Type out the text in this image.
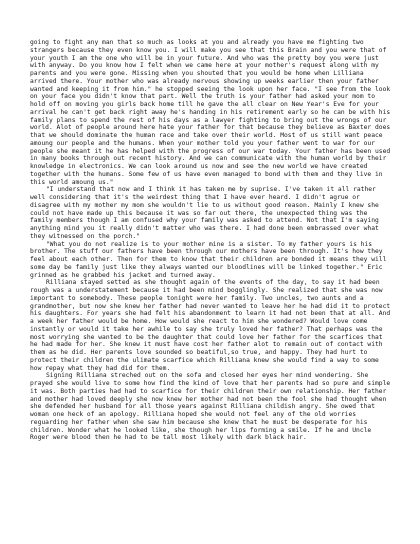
going to fight any man that so much as looks at you and already you have me fighting two strangers because they even know you. I will make you see that this Brain and you were that of your youth I am the one who will be in your future. And who was the pretty boy you were just with anyway. Do you know how I felt when we came here at your mother's request along with my parents and you were gone. Missing when you shouted that you would be home when Lilliana arrived there. Your mother who was already nervous showing up weeks earlier then your father wanted and keeping it from him." he stopped seeing the look upon her face. "I see from the look on your face you didn't know that part. Well the truth is your father had asked your mom to hold off on moving you girls back home till he gave the all clear on New Year's Eve for your arrival he can't get back right away he's handing in his retirement early so he can be with his family plans to spend the rest of his days as a lawyer fighting to bring out the wrongs of our world. Alot of people around here hate your father for that because they believe as Baxter does that we should dominate the human race and take over their world. Most of us still want peace amoung our people and the humans. When your mother told you your father went to war for our people she meant it he has helped with the progress of our war today. Your father has been used in many books through out recent history. And we can communicate with the human world by their knowledge in electronics. We can look around us now and see the new world we have created together with the humans. Some few of us have even managed to bond with them and they live in this world amoung us."

"I understand that now and I think it has taken me by suprise. I've taken it all rather well considering that it's the weirdest thing that I have ever heard. I didn't agrue or disagree with my mother my mom she wouldn't lie to us without good reason. Mainly I knew she could not have made up this because it was so far out there, the unexpected thing was the family members though I am confused why your family was asked to attend. Not that I'm saying anything mind you it really didn't matter who was there. I had done been embrassed over what they witnessed on the porch."

"What you do not realize is to your mother mine is a sister. To my father yours is his brother. The stuff our fathers have been through our mothers have been through. It's how they feel about each other. Then for them to know that their children are bonded it means they will some day be family just like they always wanted our bloodlines will be linked together." Eric grinned as he grabbed his jacket and turned away.

Rilliana stayed setted as she thought again of the events of the day, to say it had been rough was a understatement because it had been mind bogglingly. She realized that she was now important to somebody. These people tonight were her family. Two uncles, two aunts and a grandmother, but now she knew her father had never wanted to leave her he had did it to protect his daughters. For years she had felt his abandonment to learn it had not been that at all. And a week her father would be home. How would she react to him she wondered? Would love come instantly or would it take her awhile to say she truly loved her father? That perhaps was the most worrying she wanted to be the daughter that could love her father for the scarfices that he had made for her. She knew it must have cost her father alot to remain out of contact with them as he did. Her parents love sounded so beatiful,so true, and happy. They had hurt to protect their children the ulimate scarfice which Rilliana knew she would find a way to some how repay what they had did for them.

Signing Rilliana streched out on the sofa and closed her eyes her mind wondering. She prayed she would live to some how find the kind of love that her parents had so pure and simple it was. Both parties had had to scarfice for their children their own relationship. Her father and mother had loved deeply she now knew her mother had not been the fool she had thought when she defended her husband for all those years against Rilliana childish angry. She owed that woman one heck of an apology. Rilliana hoped she would not feel any of the old worries reguarding her father when she saw him because she knew that he must be desperate for his children. Wonder what he looked like, she though her lips forming a smile. If he and Uncle Roger were blood then he had to be tall most likely with dark black hair.
